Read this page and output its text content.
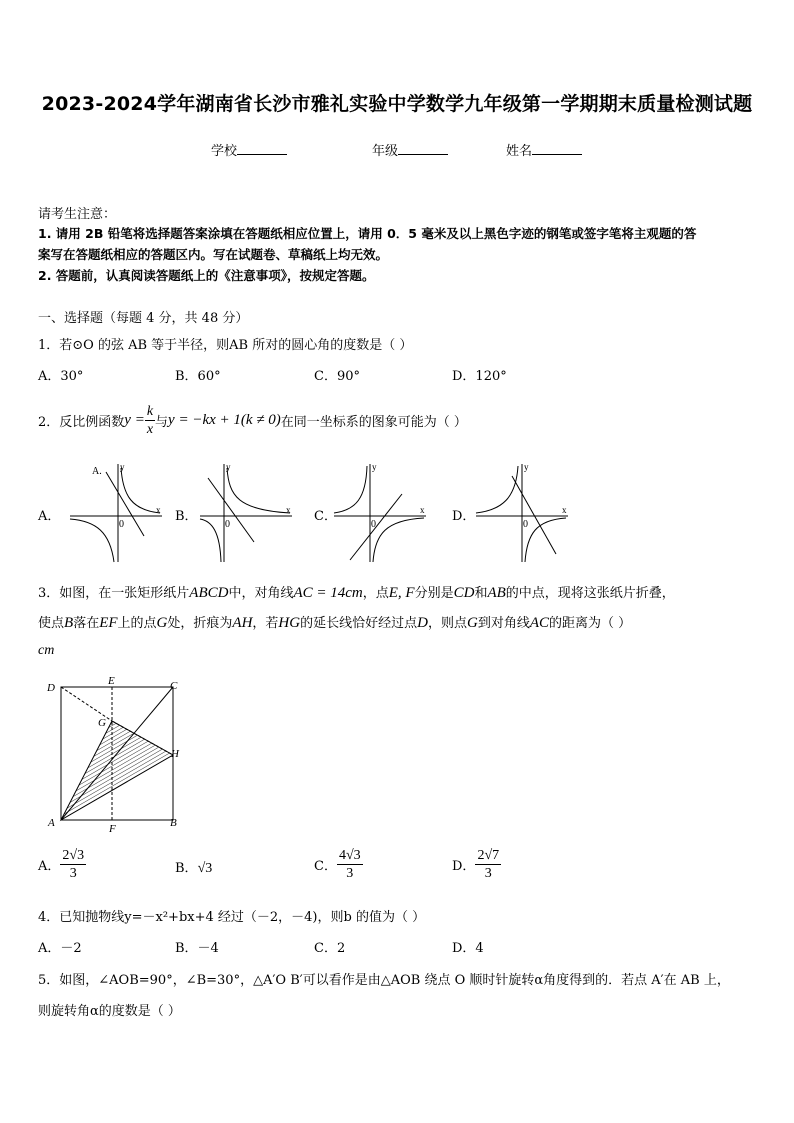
2023-2024学年湖南省长沙市雅礼实验中学数学九年级第一学期期末质量检测试题
学校	年级	姓名
请考生注意：
1. 请用 2B 铅笔将选择题答案涂填在答题纸相应位置上，请用 0．5 毫米及以上黑色字迹的钢笔或签字笔将主观题的答
案写在答题纸相应的答题区内。写在试题卷、草稿纸上均无效。
2. 答题前，认真阅读答题纸上的《注意事项》，按规定答题。
一、选择题（每题 4 分，共 48 分）
1．若⊙O 的弦 AB 等于半径，则AB 所对的圆心角的度数是（ ）
A．30°	B．60°	C．90°	D．120°
2．反比例函数 $y = \frac{k}{x}$ 与 y = −kx + 1(k ≠ 0) 在同一坐标系的图象可能为（ ）
A．	B．	C．	D．
A. y
x
0
y
x
0
y
x
0
y
x
0
3．如图，在一张矩形纸片ABCD中，对角线AC = 14cm，点E, F分别是CD和AB的中点，现将这张纸片折叠，
使点B落在EF上的点G处，折痕为AH，若HG的延长线恰好经过点D，则点G到对角线AC的距离为（ ）
cm
D
E	C
G
H
A	F	B
A． $\frac{2√3}{3}$	B．√3	C． $\frac{4√3}{3}$	D． $\frac{2√7}{3}$
4．已知抛物线y=－x²+bx+4 经过（－2，－4)，则b 的值为（ ）
A．－2	B．－4	C．2	D．4
5．如图，∠AOB=90°，∠B=30°，△A′O B′可以看作是由△AOB 绕点 O 顺时针旋转α角度得到的．若点 A′在 AB 上，
则旋转角α的度数是（ ）
